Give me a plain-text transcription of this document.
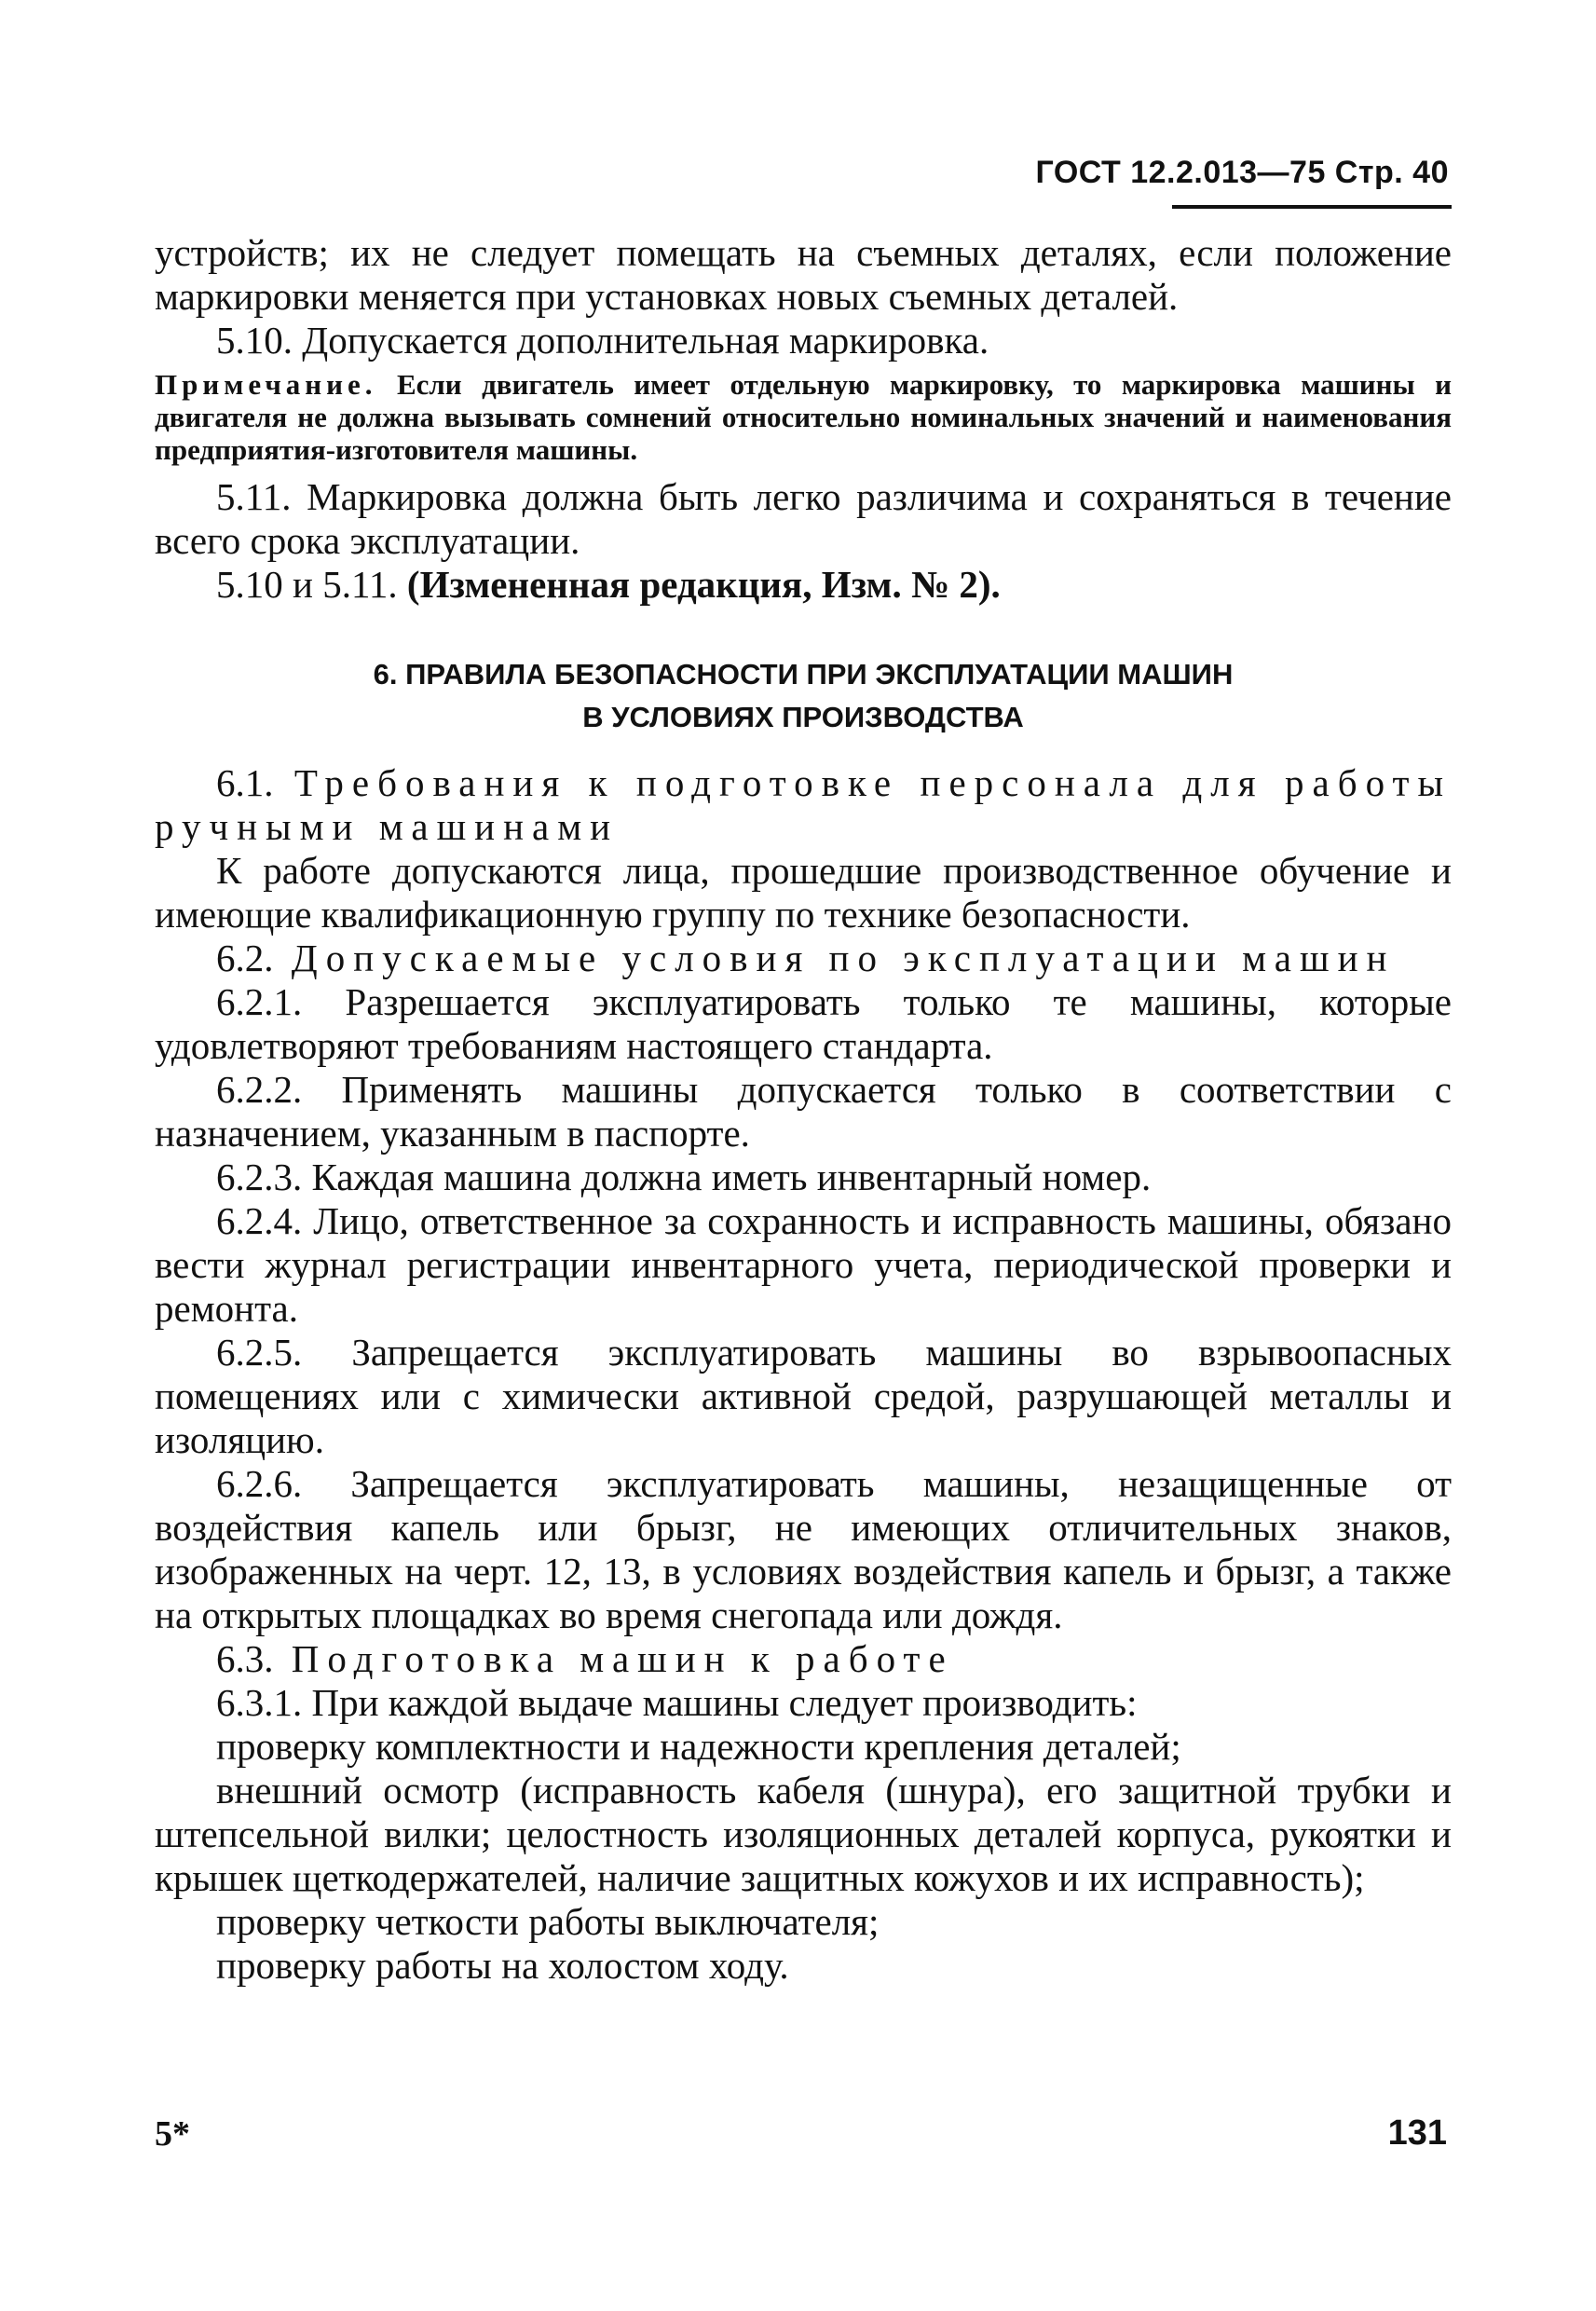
ГОСТ 12.2.013—75 Стр. 40

устройств; их не следует помещать на съемных деталях, если положение маркировки меняется при установках новых съемных деталей.

5.10. Допускается дополнительная маркировка.

Примечание. Если двигатель имеет отдельную маркировку, то маркировка машины и двигателя не должна вызывать сомнений относительно номинальных значений и наименования предприятия-изготовителя машины.

5.11. Маркировка должна быть легко различима и сохраняться в течение всего срока эксплуатации.

5.10 и 5.11. (Измененная редакция, Изм. № 2).

6. ПРАВИЛА БЕЗОПАСНОСТИ ПРИ ЭКСПЛУАТАЦИИ МАШИН
В УСЛОВИЯХ ПРОИЗВОДСТВА

6.1. Требования к подготовке персонала для работы ручными машинами

К работе допускаются лица, прошедшие производственное обучение и имеющие квалификационную группу по технике безопасности.

6.2. Допускаемые условия по эксплуатации машин

6.2.1. Разрешается эксплуатировать только те машины, которые удовлетворяют требованиям настоящего стандарта.

6.2.2. Применять машины допускается только в соответствии с назначением, указанным в паспорте.

6.2.3. Каждая машина должна иметь инвентарный номер.

6.2.4. Лицо, ответственное за сохранность и исправность машины, обязано вести журнал регистрации инвентарного учета, периодической проверки и ремонта.

6.2.5. Запрещается эксплуатировать машины во взрывоопасных помещениях или с химически активной средой, разрушающей металлы и изоляцию.

6.2.6. Запрещается эксплуатировать машины, незащищенные от воздействия капель или брызг, не имеющих отличительных знаков, изображенных на черт. 12, 13, в условиях воздействия капель и брызг, а также на открытых площадках во время снегопада или дождя.

6.3. Подготовка машин к работе

6.3.1. При каждой выдаче машины следует производить:

проверку комплектности и надежности крепления деталей;

внешний осмотр (исправность кабеля (шнура), его защитной трубки и штепсельной вилки; целостность изоляционных деталей корпуса, рукоятки и крышек щеткодержателей, наличие защитных кожухов и их исправность);

проверку четкости работы выключателя;

проверку работы на холостом ходу.

5*	131
